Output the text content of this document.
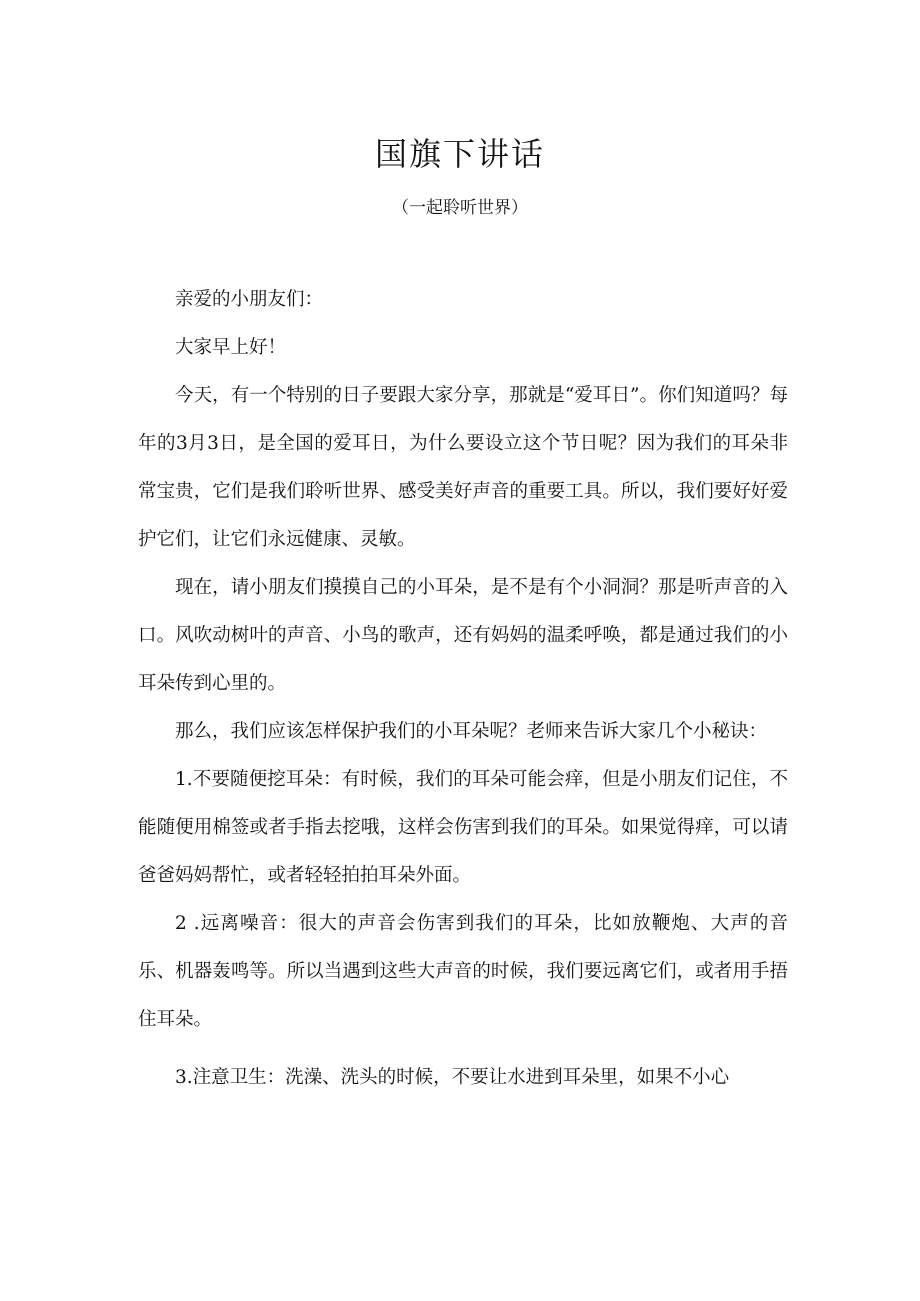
国旗下讲话
（一起聆听世界）

亲爱的小朋友们：

大家早上好！

今天，有一个特别的日子要跟大家分享，那就是“爱耳日”。你们知道吗？每年的3月3日，是全国的爱耳日，为什么要设立这个节日呢？因为我们的耳朵非常宝贵，它们是我们聆听世界、感受美好声音的重要工具。所以，我们要好好爱护它们，让它们永远健康、灵敏。

现在，请小朋友们摸摸自己的小耳朵，是不是有个小洞洞？那是听声音的入口。风吹动树叶的声音、小鸟的歌声，还有妈妈的温柔呼唤，都是通过我们的小耳朵传到心里的。

那么，我们应该怎样保护我们的小耳朵呢？老师来告诉大家几个小秘诀：

1.不要随便挖耳朵：有时候，我们的耳朵可能会痒，但是小朋友们记住，不能随便用棉签或者手指去挖哦，这样会伤害到我们的耳朵。如果觉得痒，可以请爸爸妈妈帮忙，或者轻轻拍拍耳朵外面。

2 .远离噪音：很大的声音会伤害到我们的耳朵，比如放鞭炮、大声的音乐、机器轰鸣等。所以当遇到这些大声音的时候，我们要远离它们，或者用手捂住耳朵。

3.注意卫生：洗澡、洗头的时候，不要让水进到耳朵里，如果不小心
